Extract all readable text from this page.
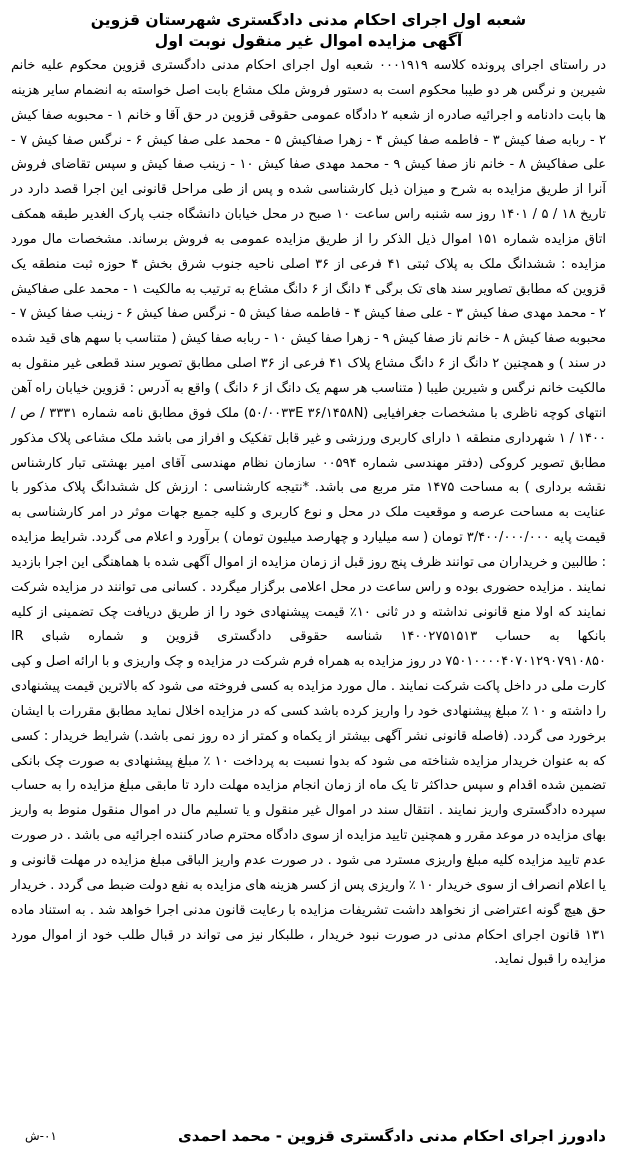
شعبه اول اجرای احکام مدنی دادگستری شهرستان قزوین
آگهی مزایده اموال غیر منقول نوبت اول

در راستای اجرای پرونده کلاسه ۰۰۰۱۹۱۹ شعبه اول اجرای احکام مدنی دادگستری قزوین محکوم علیه خانم شیرین و نرگس هر دو طیبا محکوم است به دستور فروش ملک مشاع بابت اصل خواسته به انضمام سایر هزینه ها بابت دادنامه و اجرائیه صادره از شعبه ۲ دادگاه عمومی حقوقی قزوین در حق آقا و خانم ۱ - محبوبه صفا کیش ۲ - ربابه صفا کیش ۳ - فاطمه صفا کیش ۴ - زهرا صفاکیش ۵ - محمد علی صفا کیش ۶ - نرگس صفا کیش ۷ - علی صفاکیش ۸ - خانم ناز صفا کیش ۹ - محمد مهدی صفا کیش ۱۰ - زینب صفا کیش و سپس تقاضای فروش آنرا از طریق مزایده به شرح و میزان ذیل کارشناسی شده و پس از طی مراحل قانونی این اجرا قصد دارد در تاریخ ۱۸ / ۵ / ۱۴۰۱ روز سه شنبه راس ساعت ۱۰ صبح در محل خیابان دانشگاه جنب پارک الغدیر طبقه همکف اتاق مزایده شماره ۱۵۱ اموال ذیل الذکر را از طریق مزایده عمومی به فروش برساند. مشخصات مال مورد مزایده : ششدانگ ملک به پلاک ثبتی ۴۱ فرعی از ۳۶ اصلی ناحیه جنوب شرق بخش ۴ حوزه ثبت منطقه یک قزوین که مطابق تصاویر سند های تک برگی ۴ دانگ از ۶ دانگ مشاع به ترتیب به مالکیت ۱ - محمد علی صفاکیش ۲ - محمد مهدی صفا کیش ۳ - علی صفا کیش ۴ - فاطمه صفا کیش ۵ - نرگس صفا کیش ۶ - زینب صفا کیش ۷ - محبوبه صفا کیش ۸ - خانم ناز صفا کیش ۹ - زهرا صفا کیش ۱۰ - ربابه صفا کیش ( متناسب با سهم های قید شده در سند ) و همچنین ۲ دانگ از ۶ دانگ مشاع پلاک ۴۱ فرعی از ۳۶ اصلی مطابق تصویر سند قطعی غیر منقول به مالکیت خانم نرگس و شیرین طیبا ( متناسب هر سهم یک دانگ از ۶ دانگ ) واقع به آدرس : قزوین خیابان راه آهن انتهای کوچه ناظری با مشخصات جغرافیایی (۵۰/۰۰۳۳E ۳۶/۱۴۵۸N) ملک فوق مطابق نامه شماره ۳۳۳۱ / ص / ۱۴۰۰ / ۱ شهرداری منطقه ۱ دارای کاربری ورزشی و غیر قابل تفکیک و افراز می باشد ملک مشاعی پلاک مذکور مطابق تصویر کروکی (دفتر مهندسی شماره ۰۰۵۹۴ سازمان نظام مهندسی آقای امیر بهشتی تبار کارشناس نقشه برداری ) به مساحت ۱۴۷۵ متر مربع می باشد. *نتیجه کارشناسی : ارزش کل ششدانگ پلاک مذکور با عنایت به مساحت عرصه و موقعیت ملک در محل و نوع کاربری و کلیه جمیع جهات موثر در امر کارشناسی به قیمت پایه ۳/۴۰۰/۰۰۰/۰۰۰ تومان ( سه میلیارد و چهارصد میلیون تومان ) برآورد و اعلام می گردد. شرایط مزایده : طالبین و خریداران می توانند ظرف پنج روز قبل از زمان مزایده از اموال آگهی شده با هماهنگی این اجرا بازدید نمایند . مزایده حضوری بوده و راس ساعت در محل اعلامی برگزار میگردد . کسانی می توانند در مزایده شرکت نمایند که اولا منع قانونی نداشته و در ثانی ۱۰٪ قیمت پیشنهادی خود را از طریق دریافت چک تضمینی از کلیه بانکها به حساب ۱۴۰۰۲۷۵۱۵۱۳ شناسه حقوقی دادگستری قزوین و شماره شبای IR ۷۵۰۱۰۰۰۰۴۰۷۰۱۲۹۰۷۹۱۰۸۵۰ در روز مزایده به همراه فرم شرکت در مزایده و چک واریزی و با ارائه اصل و کپی کارت ملی در داخل پاکت شرکت نمایند . مال مورد مزایده به کسی فروخته می شود که بالاترین قیمت پیشنهادی را داشته و ۱۰ ٪ مبلغ پیشنهادی خود را واریز کرده باشد کسی که در مزایده اخلال نماید مطابق مقررات با ایشان برخورد می گردد. (فاصله قانونی نشر آگهی بیشتر از یکماه و کمتر از ده روز نمی باشد.) شرایط خریدار : کسی که به عنوان خریدار مزایده شناخته می شود که بدوا نسبت به پرداخت ۱۰ ٪ مبلغ پیشنهادی به صورت چک بانکی تضمین شده اقدام و سپس حداکثر تا یک ماه از زمان انجام مزایده مهلت دارد تا مابقی مبلغ مزایده را به حساب سپرده دادگستری واریز نمایند . انتقال سند در اموال غیر منقول و یا تسلیم مال در اموال منقول منوط به واریز بهای مزایده در موعد مقرر و همچنین تایید مزایده از سوی دادگاه محترم صادر کننده اجرائیه می باشد . در صورت عدم تایید مزایده کلیه مبلغ واریزی مسترد می شود . در صورت عدم واریز الباقی مبلغ مزایده در مهلت قانونی و یا اعلام انصراف از سوی خریدار ۱۰ ٪ واریزی پس از کسر هزینه های مزایده به نفع دولت ضبط می گردد . خریدار حق هیچ گونه اعتراضی از نخواهد داشت تشریفات مزایده با رعایت قانون مدنی اجرا خواهد شد . به استناد ماده ۱۳۱ قانون اجرای احکام مدنی در صورت نبود خریدار ، طلبکار نیز می تواند در قبال طلب خود از اموال مورد مزایده را قبول نماید.

دادورز اجرای احکام مدنی دادگستری قزوین - محمد احمدی
۰۱-ش
